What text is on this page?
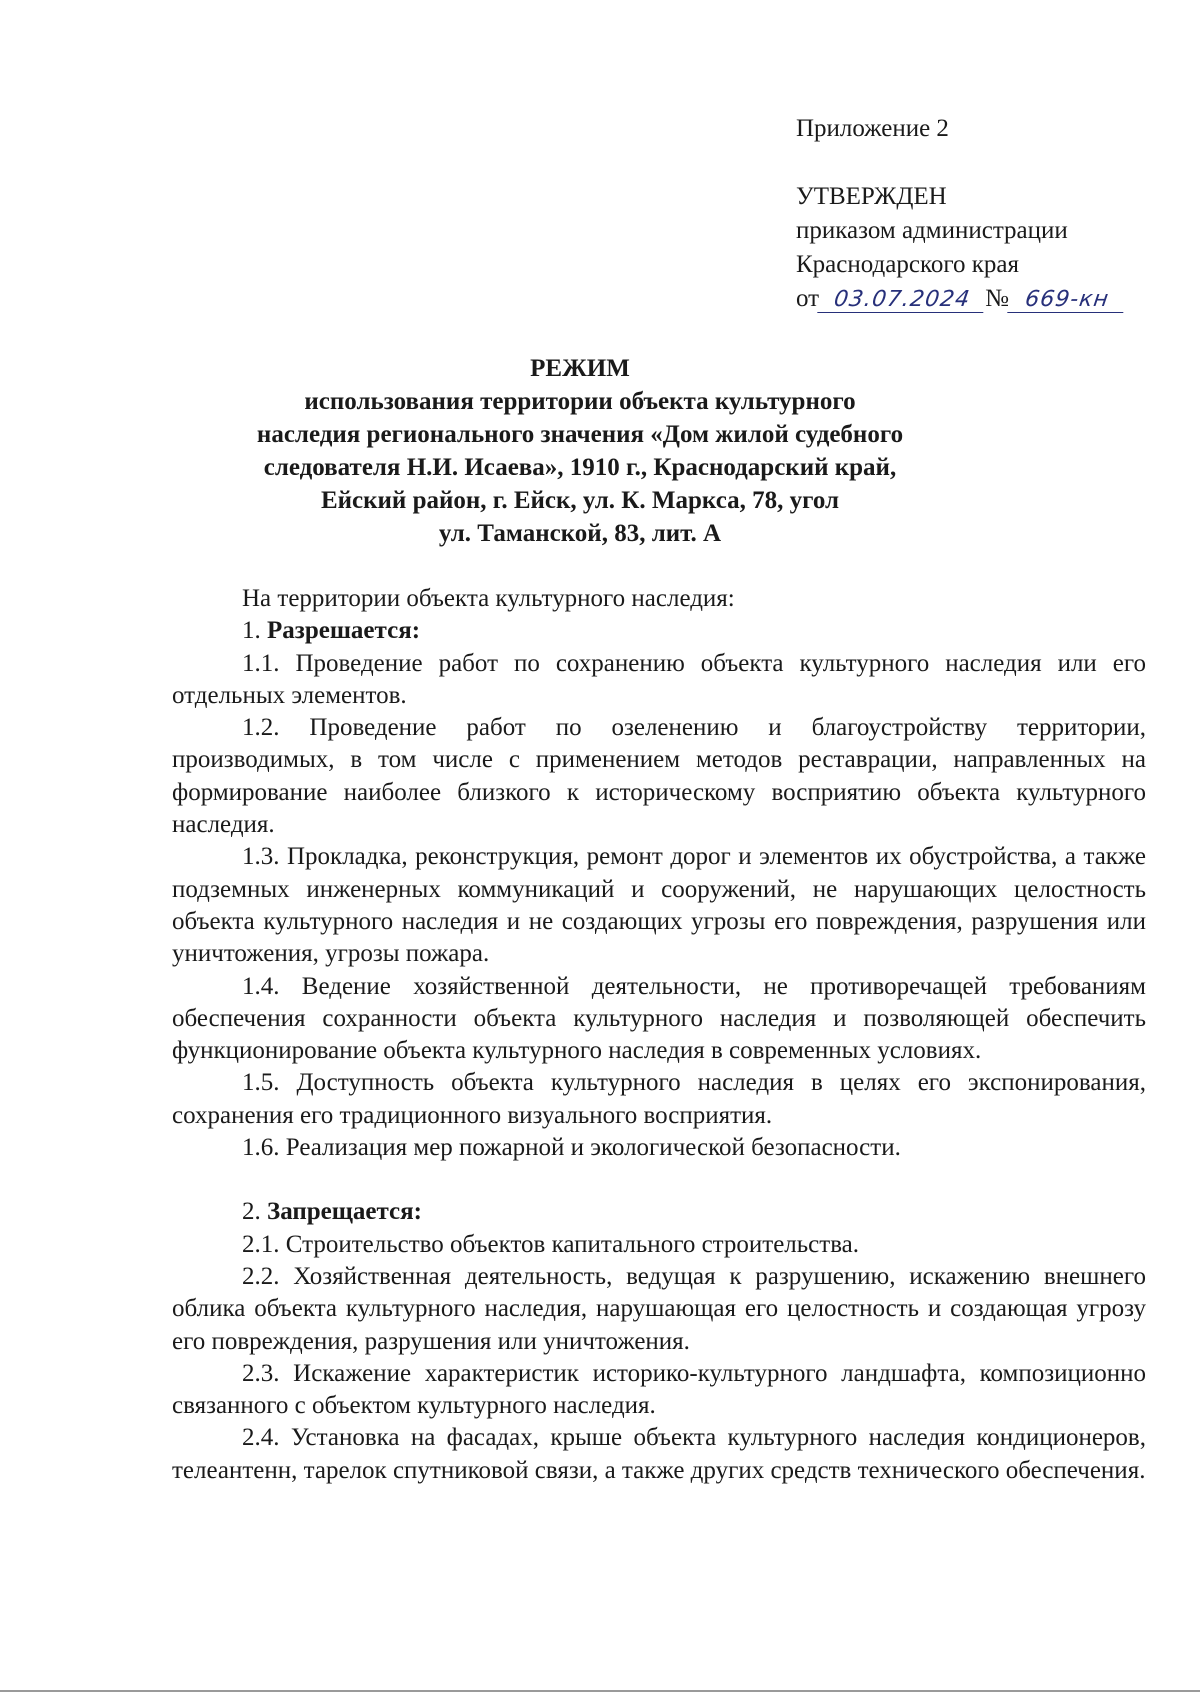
Приложение 2
УТВЕРЖДЕН
приказом администрации
Краснодарского края
от 03.07.2024 № 669-кн
РЕЖИМ
использования территории объекта культурного
наследия регионального значения «Дом жилой судебного
следователя Н.И. Исаева», 1910 г., Краснодарский край,
Ейский район, г. Ейск, ул. К. Маркса, 78, угол
ул. Таманской, 83, лит. А

На территории объекта культурного наследия:

1. Разрешается:

1.1. Проведение работ по сохранению объекта культурного наследия или его отдельных элементов.

1.2. Проведение работ по озеленению и благоустройству территории, производимых, в том числе с применением методов реставрации, направленных на формирование наиболее близкого к историческому восприятию объекта культурного наследия.

1.3. Прокладка, реконструкция, ремонт дорог и элементов их обустройства, а также подземных инженерных коммуникаций и сооружений, не нарушающих целостность объекта культурного наследия и не создающих угрозы его повреждения, разрушения или уничтожения, угрозы пожара.

1.4. Ведение хозяйственной деятельности, не противоречащей требованиям обеспечения сохранности объекта культурного наследия и позволяющей обеспечить функционирование объекта культурного наследия в современных условиях.

1.5. Доступность объекта культурного наследия в целях его экспонирования, сохранения его традиционного визуального восприятия.

1.6. Реализация мер пожарной и экологической безопасности.

2. Запрещается:

2.1. Строительство объектов капитального строительства.

2.2. Хозяйственная деятельность, ведущая к разрушению, искажению внешнего облика объекта культурного наследия, нарушающая его целостность и создающая угрозу его повреждения, разрушения или уничтожения.

2.3. Искажение характеристик историко-культурного ландшафта, композиционно связанного с объектом культурного наследия.

2.4. Установка на фасадах, крыше объекта культурного наследия кондиционеров, телеантенн, тарелок спутниковой связи, а также других средств технического обеспечения.
